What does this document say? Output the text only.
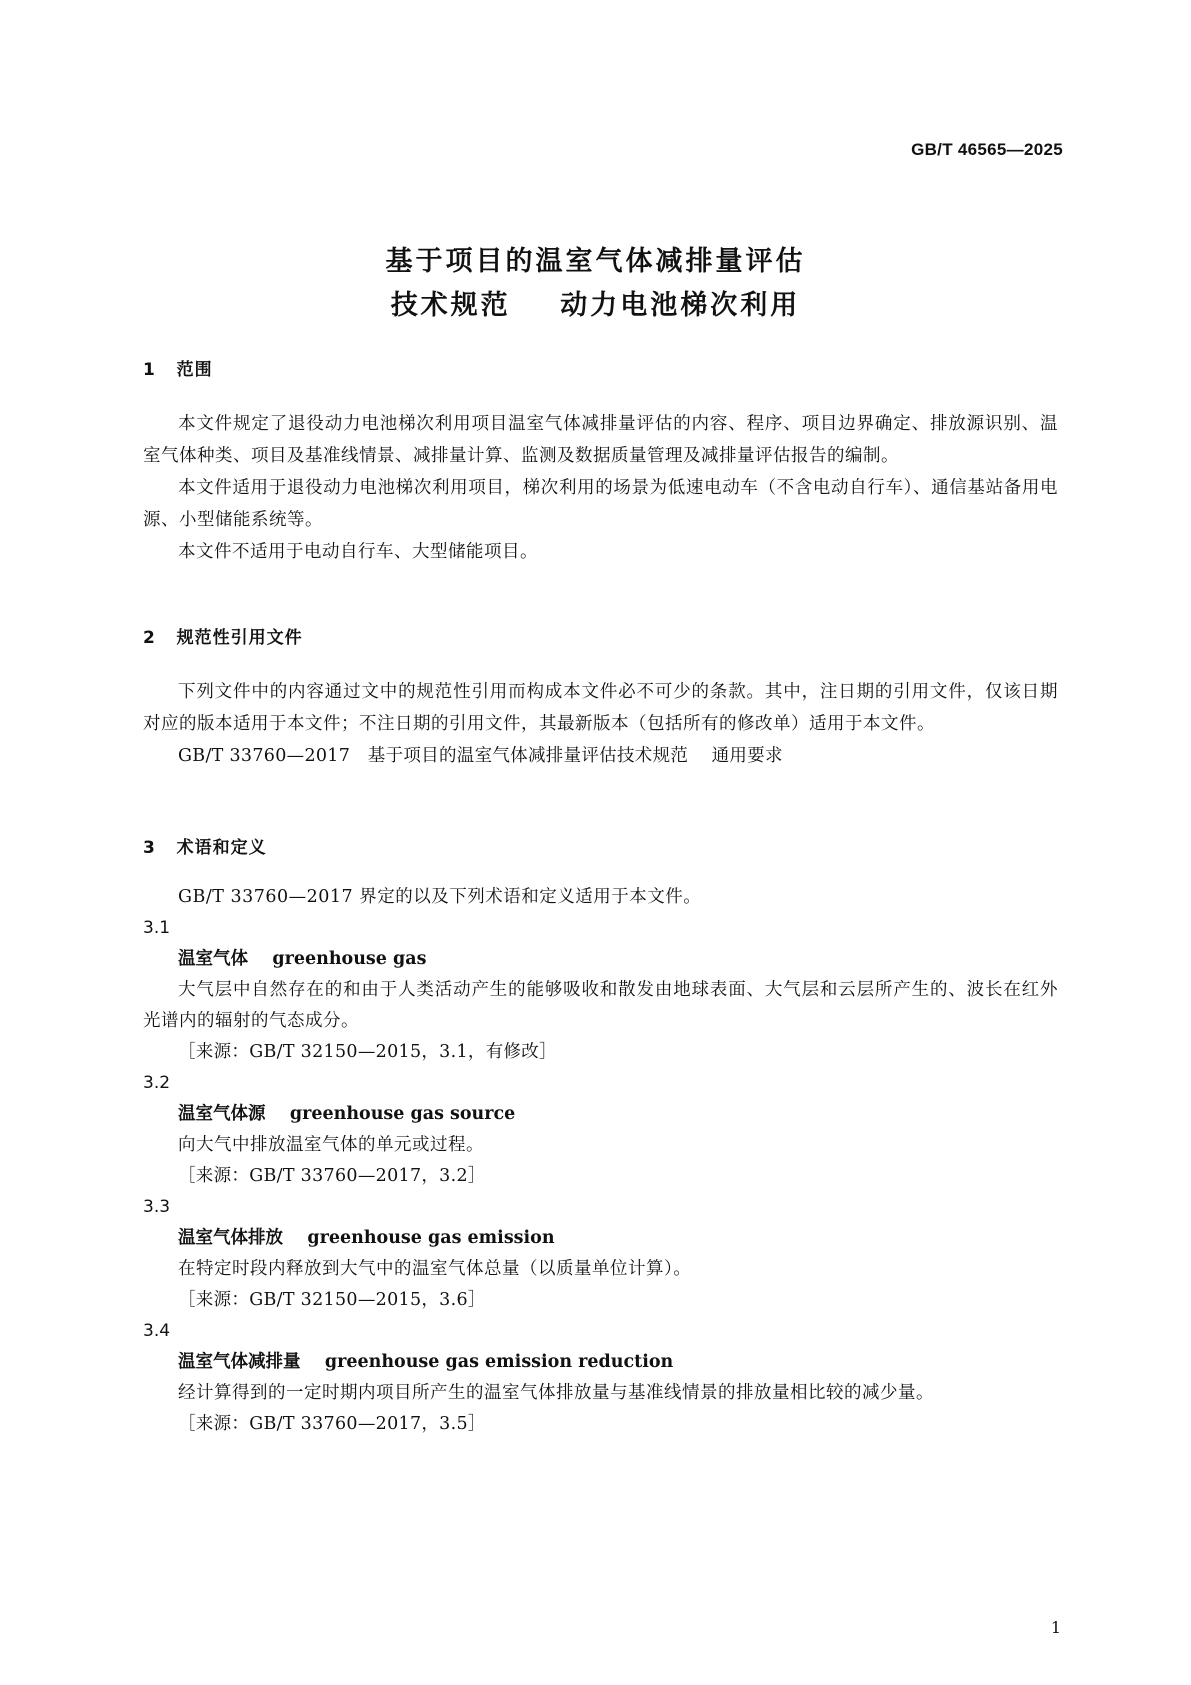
GB/T 46565—2025
基于项目的温室气体减排量评估
技术规范    动力电池梯次利用
1   范围
本文件规定了退役动力电池梯次利用项目温室气体减排量评估的内容、程序、项目边界确定、排放源识别、温室气体种类、项目及基准线情景、减排量计算、监测及数据质量管理及减排量评估报告的编制。
本文件适用于退役动力电池梯次利用项目，梯次利用的场景为低速电动车（不含电动自行车）、通信基站备用电源、小型储能系统等。
本文件不适用于电动自行车、大型储能项目。
2   规范性引用文件
下列文件中的内容通过文中的规范性引用而构成本文件必不可少的条款。其中，注日期的引用文件，仅该日期对应的版本适用于本文件；不注日期的引用文件，其最新版本（包括所有的修改单）适用于本文件。
GB/T 33760—2017   基于项目的温室气体减排量评估技术规范    通用要求
3   术语和定义
GB/T 33760—2017 界定的以及下列术语和定义适用于本文件。
3.1
温室气体    greenhouse gas
大气层中自然存在的和由于人类活动产生的能够吸收和散发由地球表面、大气层和云层所产生的、波长在红外光谱内的辐射的气态成分。
［来源：GB/T 32150—2015，3.1，有修改］
3.2
温室气体源    greenhouse gas source
向大气中排放温室气体的单元或过程。
［来源：GB/T 33760—2017，3.2］
3.3
温室气体排放    greenhouse gas emission
在特定时段内释放到大气中的温室气体总量（以质量单位计算）。
［来源：GB/T 32150—2015，3.6］
3.4
温室气体减排量    greenhouse gas emission reduction
经计算得到的一定时期内项目所产生的温室气体排放量与基准线情景的排放量相比较的减少量。
［来源：GB/T 33760—2017，3.5］
1
